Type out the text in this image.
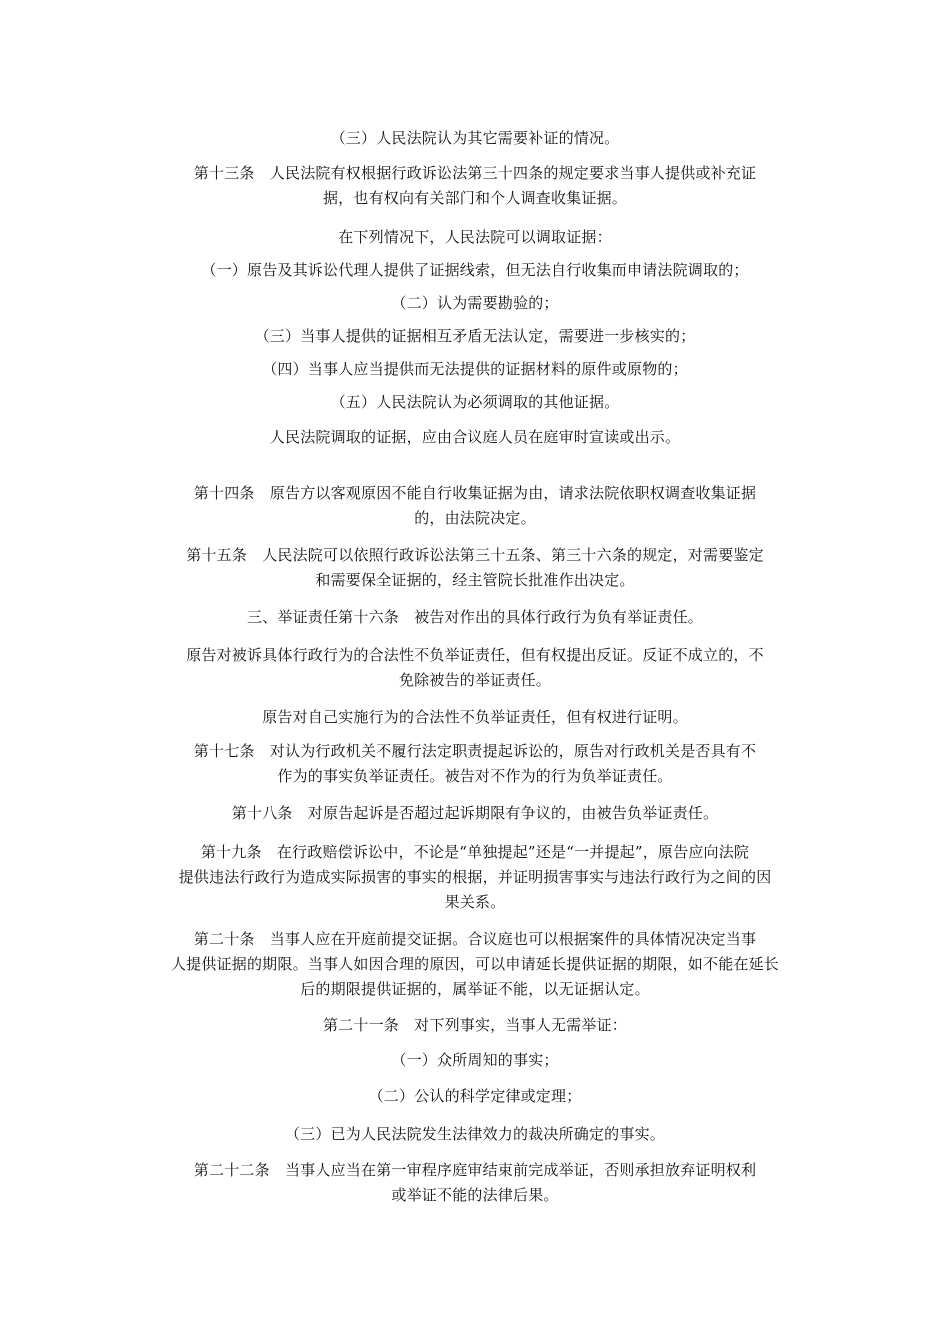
（三）人民法院认为其它需要补证的情况。
第十三条　人民法院有权根据行政诉讼法第三十四条的规定要求当事人提供或补充证
据，也有权向有关部门和个人调查收集证据。
在下列情况下，人民法院可以调取证据：
（一）原告及其诉讼代理人提供了证据线索，但无法自行收集而申请法院调取的；
（二）认为需要勘验的；
（三）当事人提供的证据相互矛盾无法认定，需要进一步核实的；
（四）当事人应当提供而无法提供的证据材料的原件或原物的；
（五）人民法院认为必须调取的其他证据。
人民法院调取的证据，应由合议庭人员在庭审时宣读或出示。
第十四条　原告方以客观原因不能自行收集证据为由，请求法院依职权调查收集证据
的，由法院决定。
第十五条　人民法院可以依照行政诉讼法第三十五条、第三十六条的规定，对需要鉴定
和需要保全证据的，经主管院长批准作出决定。
三、举证责任第十六条　被告对作出的具体行政行为负有举证责任。
原告对被诉具体行政行为的合法性不负举证责任，但有权提出反证。反证不成立的，不
免除被告的举证责任。
原告对自己实施行为的合法性不负举证责任，但有权进行证明。
第十七条　对认为行政机关不履行法定职责提起诉讼的，原告对行政机关是否具有不
作为的事实负举证责任。被告对不作为的行为负举证责任。
第十八条　对原告起诉是否超过起诉期限有争议的，由被告负举证责任。
第十九条　在行政赔偿诉讼中，不论是“单独提起”还是“一并提起”，原告应向法院
提供违法行政行为造成实际损害的事实的根据，并证明损害事实与违法行政行为之间的因
果关系。
第二十条　当事人应在开庭前提交证据。合议庭也可以根据案件的具体情况决定当事
人提供证据的期限。当事人如因合理的原因，可以申请延长提供证据的期限，如不能在延长
后的期限提供证据的，属举证不能，以无证据认定。
第二十一条　对下列事实，当事人无需举证：
（一）众所周知的事实；
（二）公认的科学定律或定理；
（三）已为人民法院发生法律效力的裁决所确定的事实。
第二十二条　当事人应当在第一审程序庭审结束前完成举证，否则承担放弃证明权利
或举证不能的法律后果。
